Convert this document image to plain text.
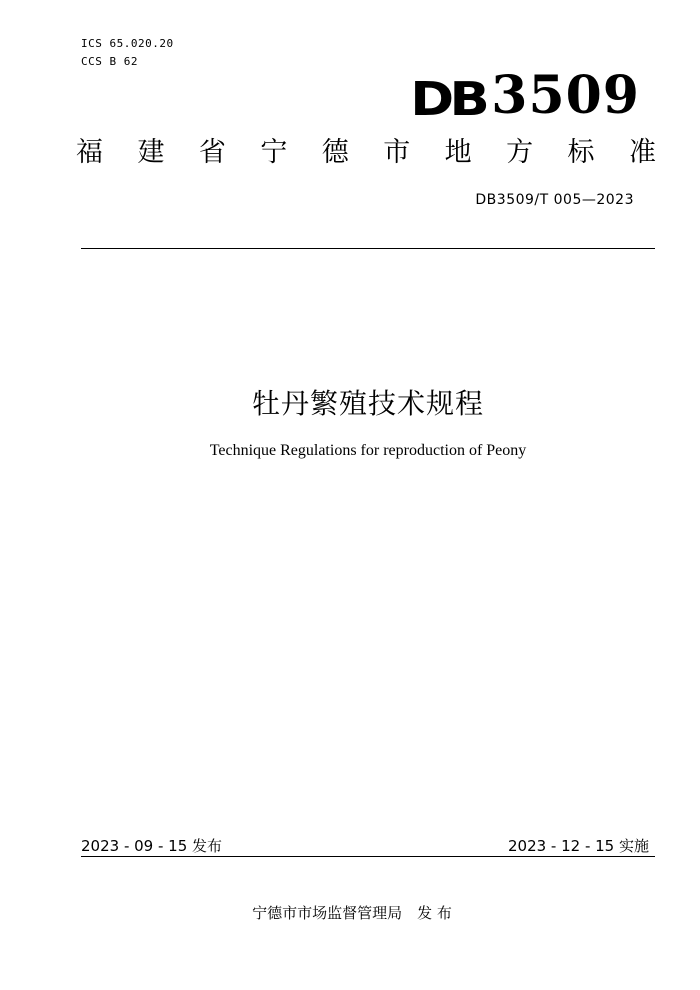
ICS 65.020.20
CCS B 62
DB 3509
福 建 省 宁 德 市 地 方 标 准
DB3509/T 005—2023
牡丹繁殖技术规程
Technique Regulations for reproduction of Peony
2023 - 09 - 15 发布	2023 - 12 - 15 实施
宁德市市场监督管理局　发 布
